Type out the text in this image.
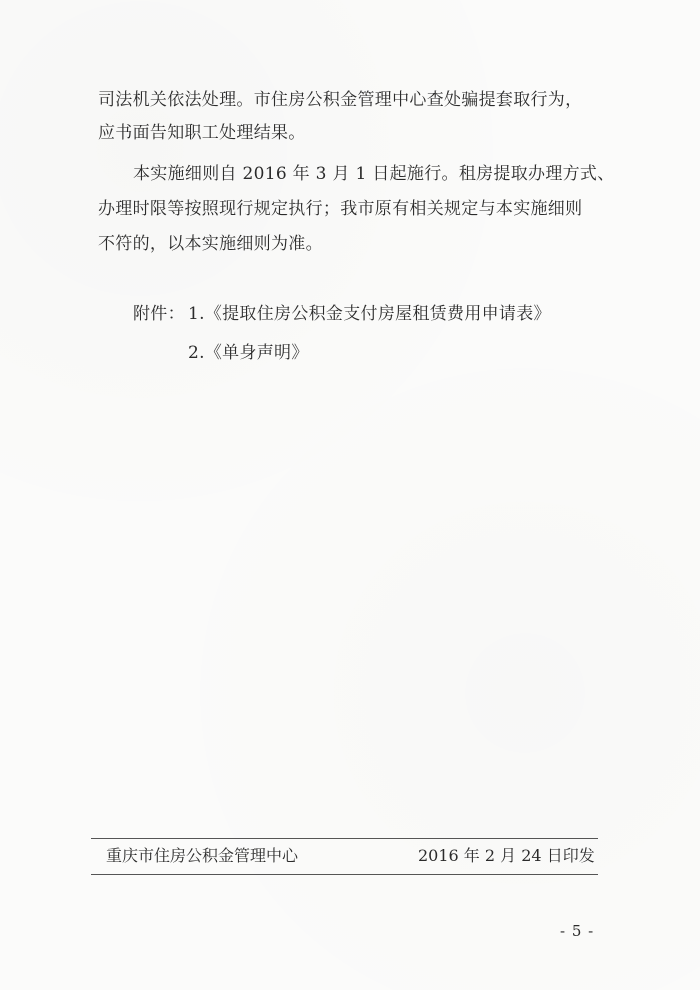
司法机关依法处理。市住房公积金管理中心查处骗提套取行为，
应书面告知职工处理结果。
本实施细则自 2016 年 3 月 1 日起施行。租房提取办理方式、
办理时限等按照现行规定执行；我市原有相关规定与本实施细则
不符的，以本实施细则为准。
附件： 1.《提取住房公积金支付房屋租赁费用申请表》
2.《单身声明》
重庆市住房公积金管理中心	2016 年 2 月 24 日印发
- 5 -
